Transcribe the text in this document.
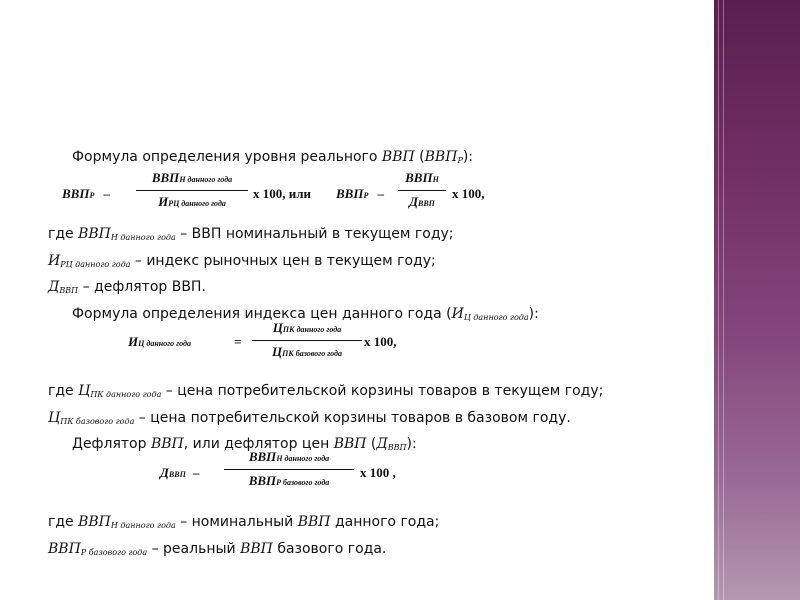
Формула определения уровня реального ВВП $(ВВП_Р)$:
ВВПР –
ВВПН данного года
ИРЦ данного года
х 100, или ВВПР –
ВВПН
ДВВП
х 100,
где $ВВП_{Н данного года}$ – ВВП номинальный в текущем году;
$И_{РЦ данного года}$ – индекс рыночных цен в текущем году;
$Д_{ВВП}$ – дефлятор ВВП.
Формула определения индекса цен данного года $(И_{Ц данного года})$:
ИЦ данного года	=
ЦПК данного года
ЦПК базового года
х 100,
где $Ц_{ПК данного года}$ – цена потребительской корзины товаров в текущем году;
$Ц_{ПК базового года}$ – цена потребительской корзины товаров в базовом году.
Дефлятор ВВП, или дефлятор цен ВВП $(Д_{ВВП})$:
ДВВП –
ВВПН данного года
ВВПР базового года
х 100 ,
где $ВВП_{Н данного года}$ – номинальный ВВП данного года;
$ВВП_{Р базового года}$ – реальный ВВП базового года.
